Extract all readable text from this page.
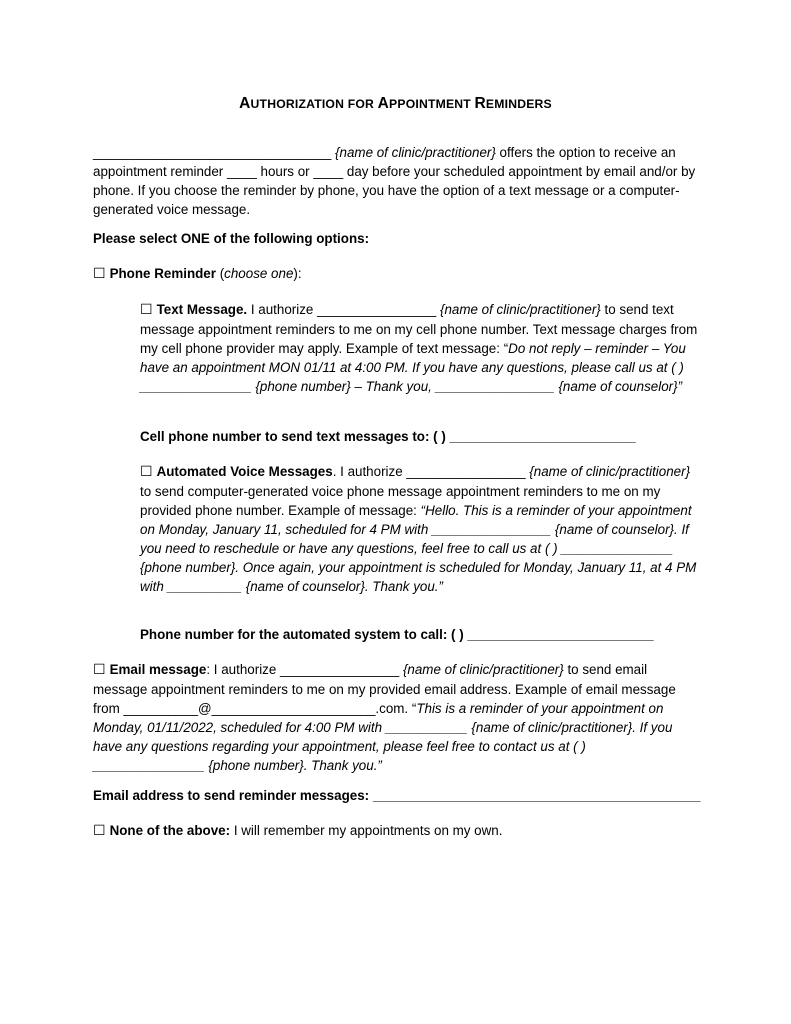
AUTHORIZATION FOR APPOINTMENT REMINDERS

________________________________ {name of clinic/practitioner} offers the option to receive an appointment reminder ____ hours or ____ day before your scheduled appointment by email and/or by phone. If you choose the reminder by phone, you have the option of a text message or a computer-generated voice message.

Please select ONE of the following options:
☐ Phone Reminder (choose one):

☐ Text Message. I authorize ________________ {name of clinic/practitioner} to send text message appointment reminders to me on my cell phone number. Text message charges from my cell phone provider may apply. Example of text message: “Do not reply – reminder – You have an appointment MON 01/11 at 4:00 PM. If you have any questions, please call us at ( ) _______________ {phone number} – Thank you, ________________ {name of counselor}”

Cell phone number to send text messages to: ( ) _________________________

☐ Automated Voice Messages. I authorize ________________ {name of clinic/practitioner} to send computer-generated voice phone message appointment reminders to me on my provided phone number. Example of message: “Hello. This is a reminder of your appointment on Monday, January 11, scheduled for 4 PM with ________________ {name of counselor}. If you need to reschedule or have any questions, feel free to call us at ( ) _______________ {phone number}. Once again, your appointment is scheduled for Monday, January 11, at 4 PM with __________ {name of counselor}. Thank you.”

Phone number for the automated system to call: ( ) _________________________

☐ Email message: I authorize ________________ {name of clinic/practitioner} to send email message appointment reminders to me on my provided email address. Example of email message from __________@______________________.com. “This is a reminder of your appointment on Monday, 01/11/2022, scheduled for 4:00 PM with ___________ {name of clinic/practitioner}. If you have any questions regarding your appointment, please feel free to contact us at ( ) _______________ {phone number}. Thank you.”

Email address to send reminder messages: ____________________________________________
☐ None of the above: I will remember my appointments on my own.
